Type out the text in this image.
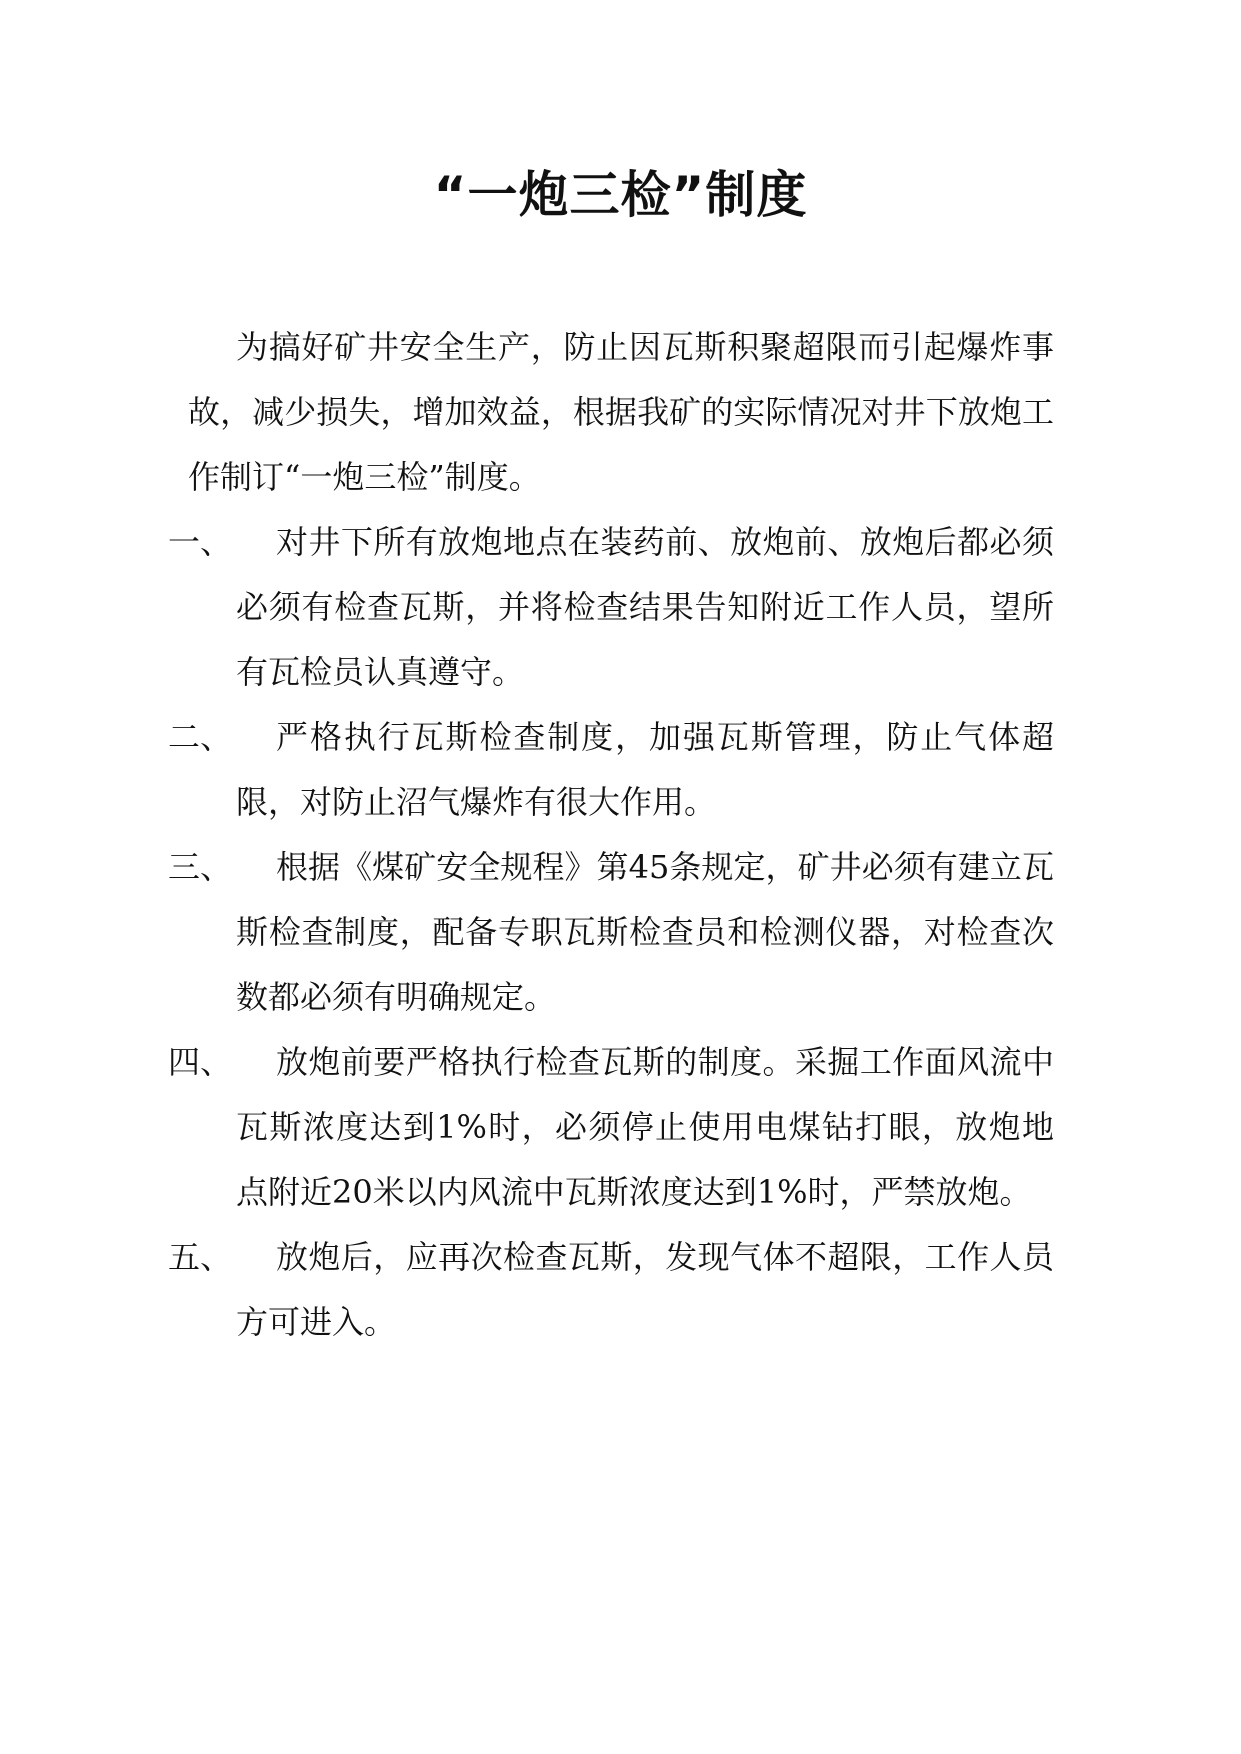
“一炮三检”制度

为搞好矿井安全生产，防止因瓦斯积聚超限而引起爆炸事故，减少损失，增加效益，根据我矿的实际情况对井下放炮工作制订“一炮三检”制度。

一、	对井下所有放炮地点在装药前、放炮前、放炮后都必须必须有检查瓦斯，并将检查结果告知附近工作人员，望所有瓦检员认真遵守。
二、	严格执行瓦斯检查制度，加强瓦斯管理，防止气体超限，对防止沼气爆炸有很大作用。
三、	根据《煤矿安全规程》第45条规定，矿井必须有建立瓦斯检查制度，配备专职瓦斯检查员和检测仪器，对检查次数都必须有明确规定。
四、	放炮前要严格执行检查瓦斯的制度。采掘工作面风流中瓦斯浓度达到1%时，必须停止使用电煤钻打眼，放炮地点附近20米以内风流中瓦斯浓度达到1%时，严禁放炮。
五、	放炮后，应再次检查瓦斯，发现气体不超限，工作人员方可进入。
